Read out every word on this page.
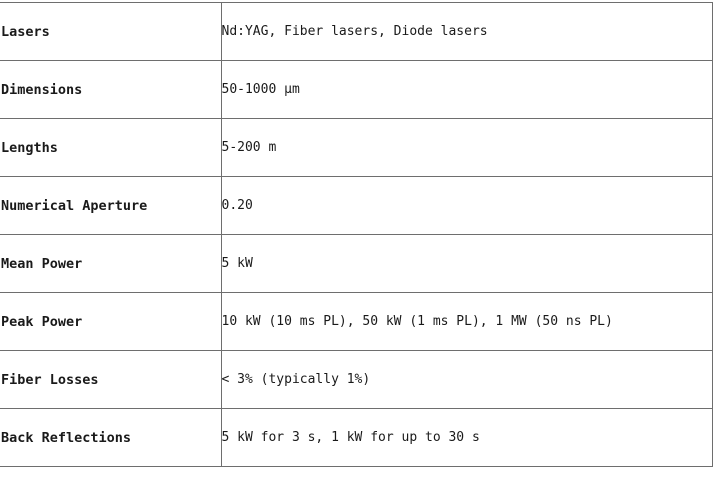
Lasers	Nd:YAG, Fiber lasers, Diode lasers
Dimensions	50-1000 µm
Lengths	5-200 m
Numerical Aperture	0.20
Mean Power	5 kW
Peak Power	10 kW (10 ms PL), 50 kW (1 ms PL), 1 MW (50 ns PL)
Fiber Losses	< 3% (typically 1%)
Back Reflections	5 kW for 3 s, 1 kW for up to 30 s
